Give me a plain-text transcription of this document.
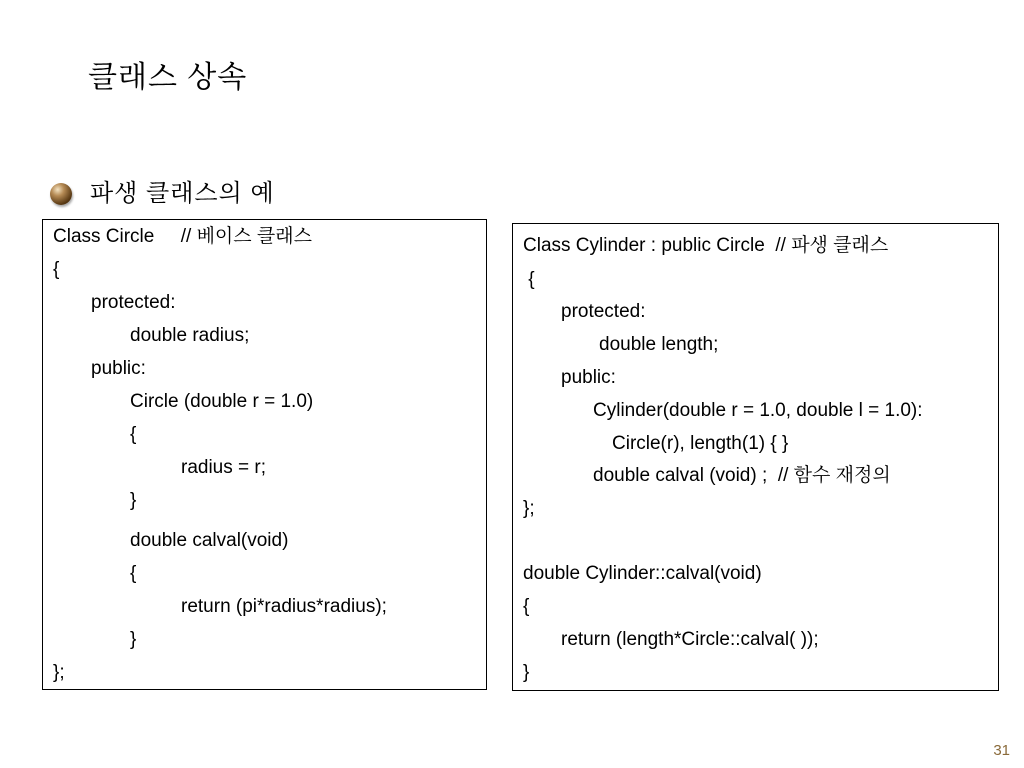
클래스 상속
파생 클래스의 예
Class Circle     // 베이스 클래스
{
protected:
double radius;
public:
Circle (double r = 1.0)
{
radius = r;
}
double calval(void)
{
return (pi*radius*radius);
}
};
Class Cylinder : public Circle  // 파생 클래스
{
protected:
double length;
public:
Cylinder(double r = 1.0, double l = 1.0):
Circle(r), length(1) { }
double calval (void) ;  // 함수 재정의
};
double Cylinder::calval(void)
{
return (length*Circle::calval( ));
}
31
